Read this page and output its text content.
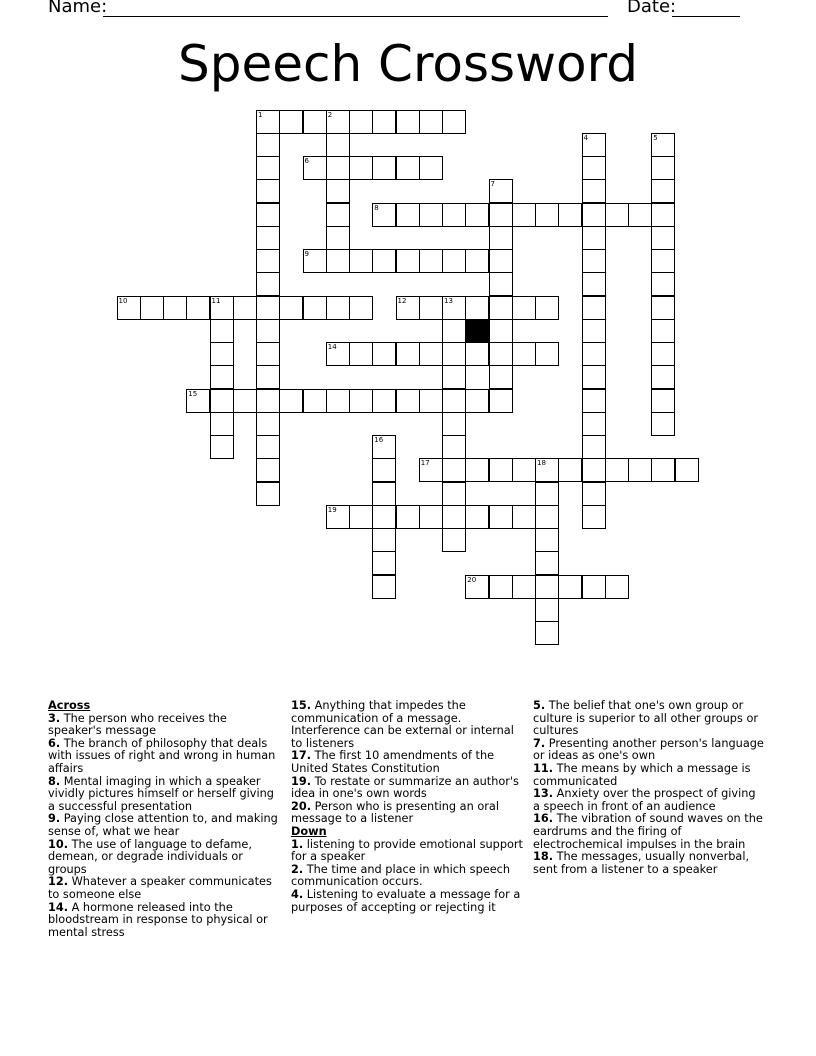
Name:	Date:
Speech Crossword
1	2
6
8
9
10	11	12	13
14
15
17	18
19
20
4	5
7
16
Across

3. The person who receives the speaker's message

6. The branch of philosophy that deals with issues of right and wrong in human affairs

8. Mental imaging in which a speaker vividly pictures himself or herself giving a successful presentation

9. Paying close attention to, and making sense of, what we hear

10. The use of language to defame, demean, or degrade individuals or groups

12. Whatever a speaker communicates to someone else

14. A hormone released into the bloodstream in response to physical or mental stress

15. Anything that impedes the communication of a message. Interference can be external or internal to listeners

17. The first 10 amendments of the United States Constitution

19. To restate or summarize an author's idea in one's own words

20. Person who is presenting an oral message to a listener

Down

1. listening to provide emotional support for a speaker

2. The time and place in which speech communication occurs.

4. Listening to evaluate a message for a purposes of accepting or rejecting it

5. The belief that one's own group or culture is superior to all other groups or cultures

7. Presenting another person's language or ideas as one's own

11. The means by which a message is communicated

13. Anxiety over the prospect of giving a speech in front of an audience

16. The vibration of sound waves on the eardrums and the firing of electrochemical impulses in the brain

18. The messages, usually nonverbal, sent from a listener to a speaker
